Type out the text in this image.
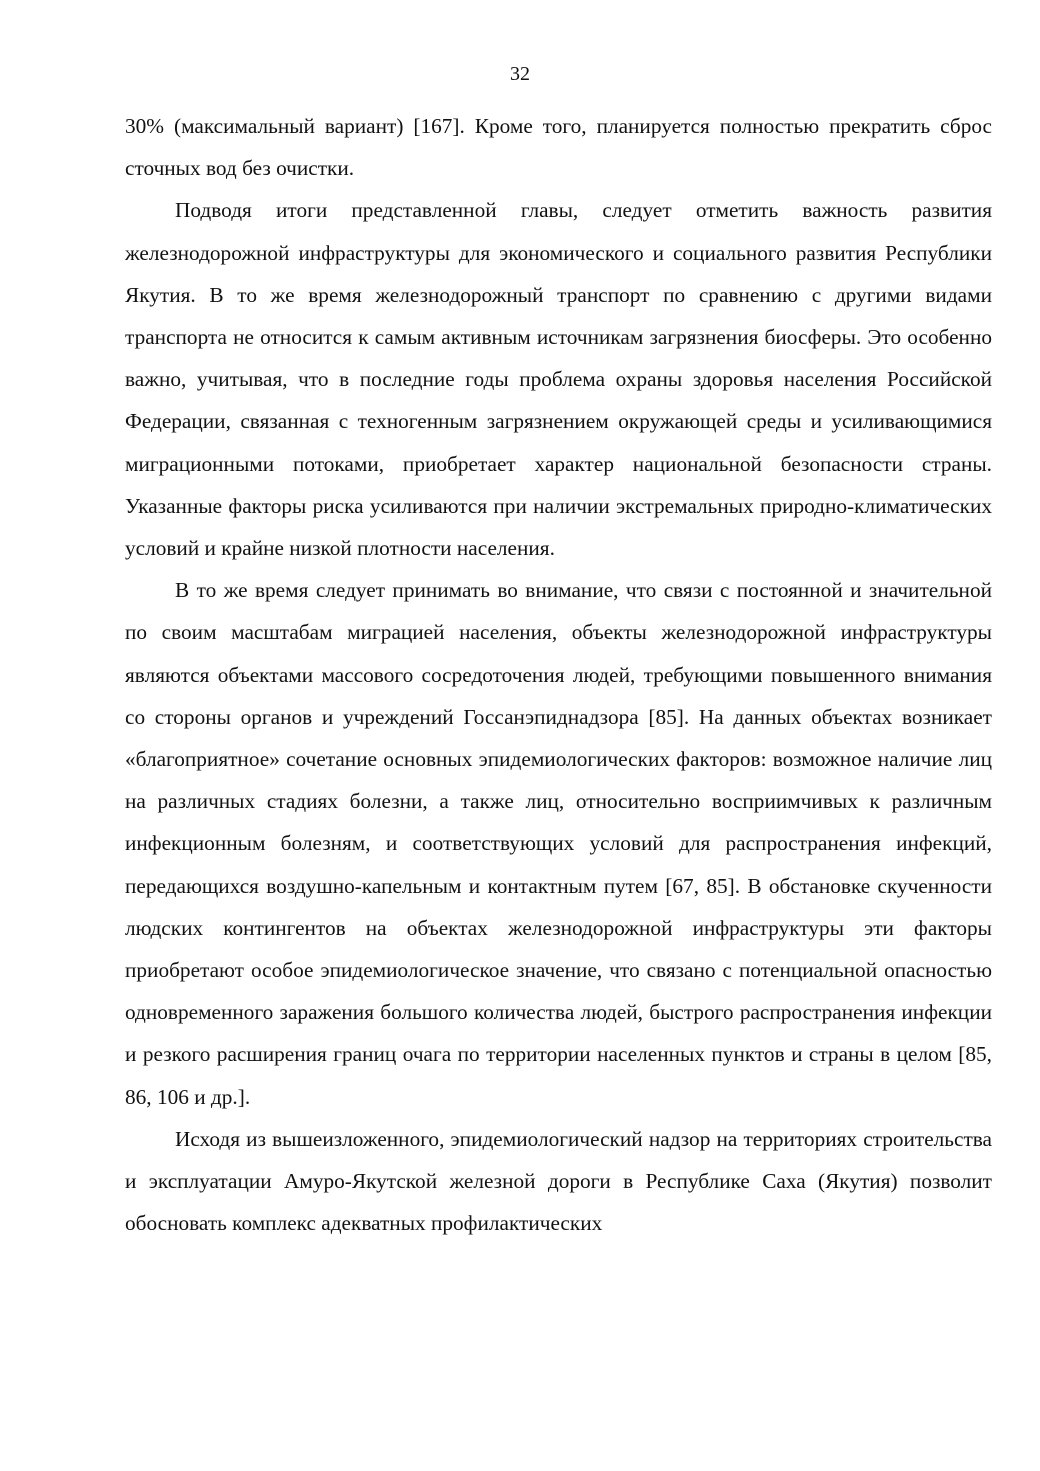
32

30% (максимальный вариант) [167]. Кроме того, планируется полностью прекратить сброс сточных вод без очистки.

Подводя итоги представленной главы, следует отметить важность развития железнодорожной инфраструктуры для экономического и социального развития Республики Якутия. В то же время железнодорожный транспорт по сравнению с другими видами транспорта не относится к самым активным источникам загрязнения биосферы. Это особенно важно, учитывая, что в последние годы проблема охраны здоровья населения Российской Федерации, связанная с техногенным загрязнением окружающей среды и усиливающимися миграционными потоками, приобретает характер национальной безопасности страны. Указанные факторы риска усиливаются при наличии экстремальных природно-климатических условий и крайне низкой плотности населения.

В то же время следует принимать во внимание, что связи с постоянной и значительной по своим масштабам миграцией населения, объекты железнодорожной инфраструктуры являются объектами массового сосредоточения людей, требующими повышенного внимания со стороны органов и учреждений Госсанэпиднадзора [85]. На данных объектах возникает «благоприятное» сочетание основных эпидемиологических факторов: возможное наличие лиц на различных стадиях болезни, а также лиц, относительно восприимчивых к различным инфекционным болезням, и соответствующих условий для распространения инфекций, передающихся воздушно-капельным и контактным путем [67, 85]. В обстановке скученности людских контингентов на объектах железнодорожной инфраструктуры эти факторы приобретают особое эпидемиологическое значение, что связано с потенциальной опасностью одновременного заражения большого количества людей, быстрого распространения инфекции и резкого расширения границ очага по территории населенных пунктов и страны в целом [85, 86, 106 и др.].

Исходя из вышеизложенного, эпидемиологический надзор на территориях строительства и эксплуатации Амуро-Якутской железной дороги в Республике Саха (Якутия) позволит обосновать комплекс адекватных профилактических
